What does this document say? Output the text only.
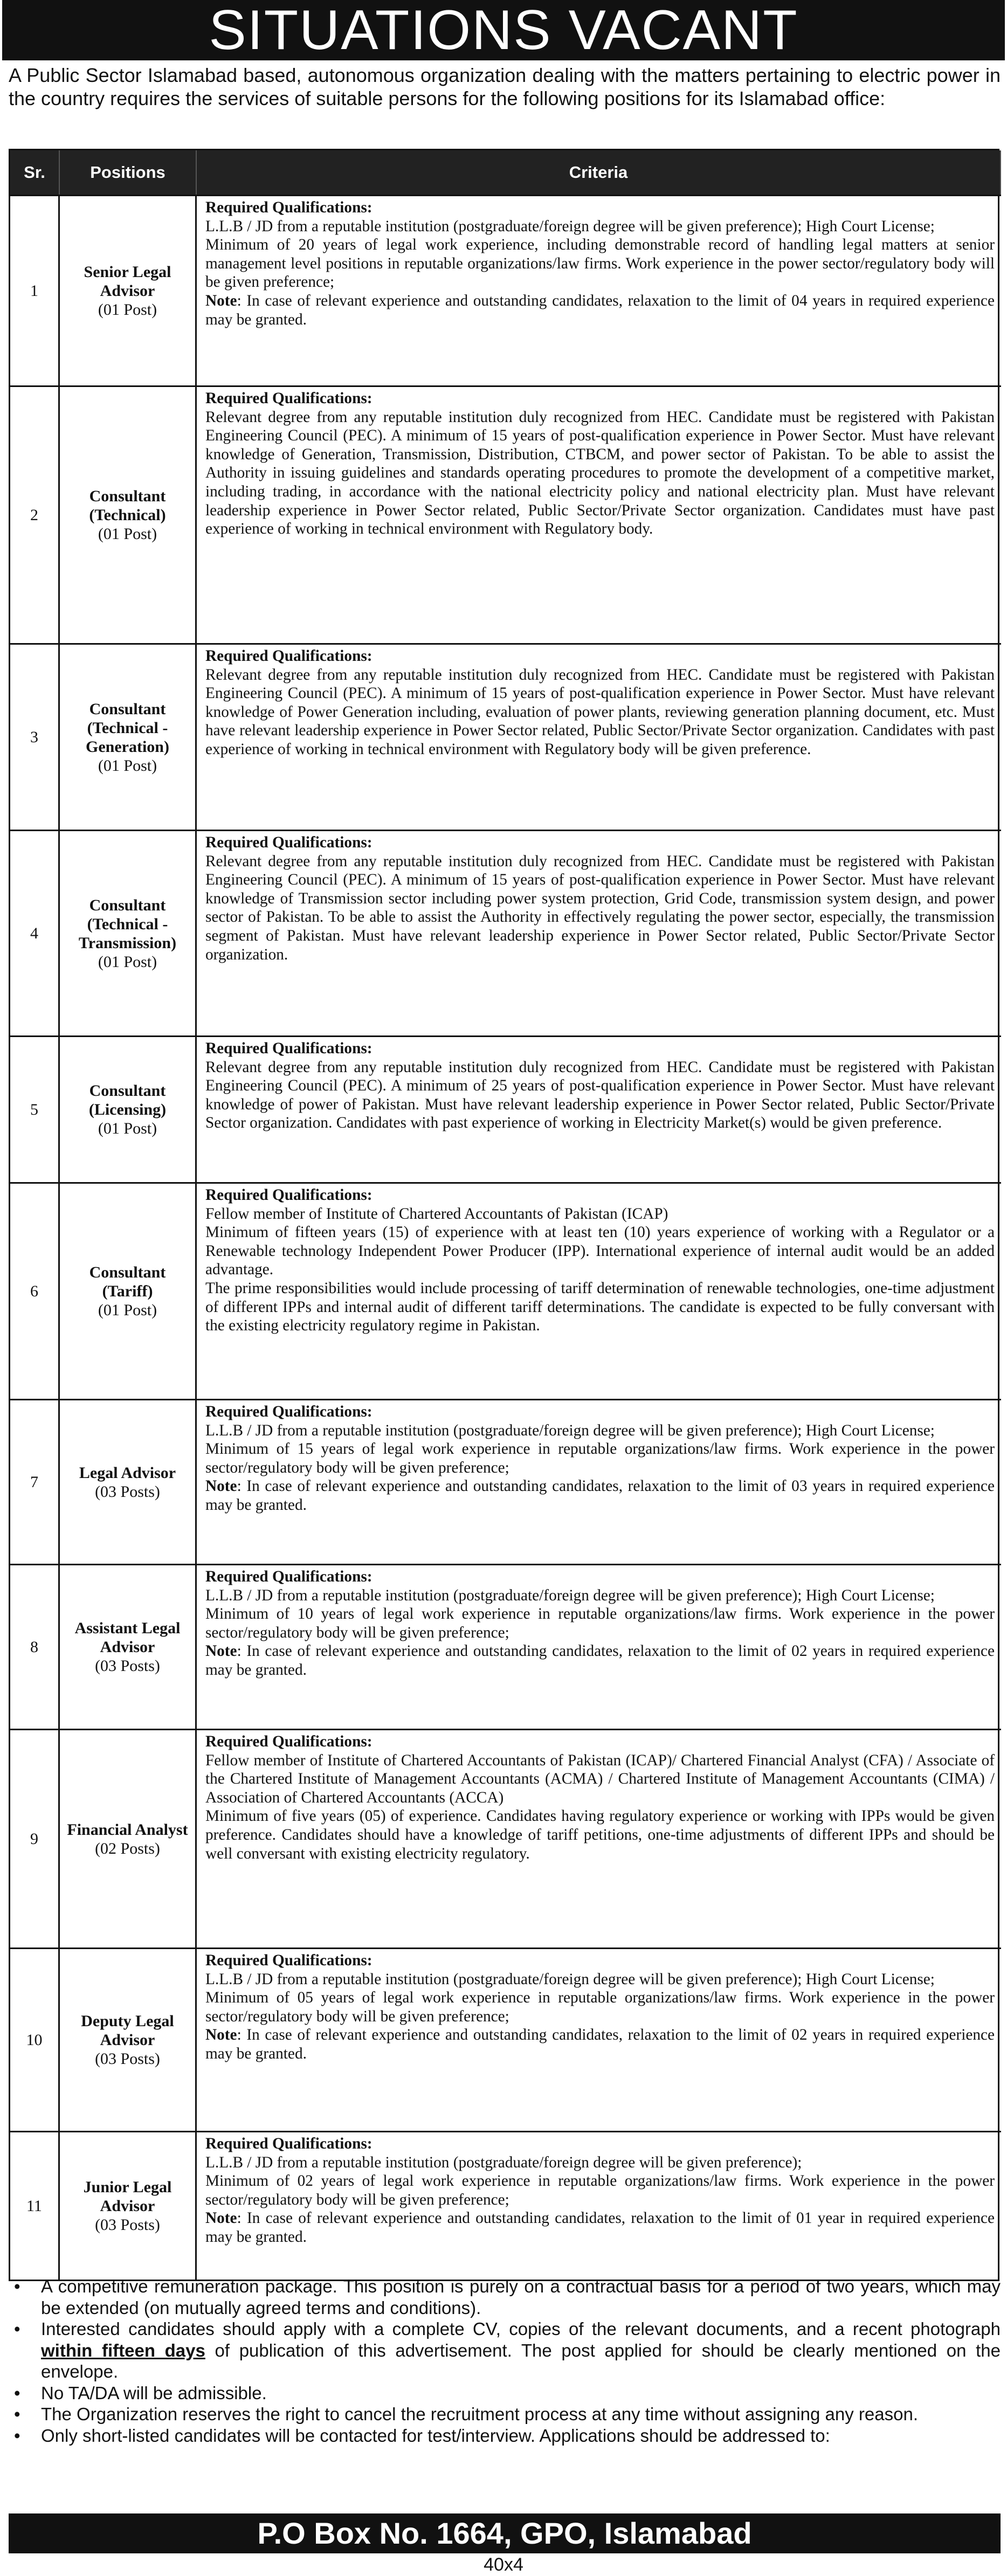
SITUATIONS VACANT

A Public Sector Islamabad based, autonomous organization dealing with the matters pertaining to electric power in the country requires the services of suitable persons for the following positions for its Islamabad office:

Sr.	Positions	Criteria
1
Senior Legal Advisor
(01 Post)
Required Qualifications:
L.L.B / JD from a reputable institution (postgraduate/foreign degree will be given preference); High Court License;
Minimum of 20 years of legal work experience, including demonstrable record of handling legal matters at senior management level positions in reputable organizations/law firms. Work experience in the power sector/regulatory body will be given preference;
Note: In case of relevant experience and outstanding candidates, relaxation to the limit of 04 years in required experience may be granted.
2
Consultant (Technical)
(01 Post)
Required Qualifications:
Relevant degree from any reputable institution duly recognized from HEC. Candidate must be registered with Pakistan Engineering Council (PEC). A minimum of 15 years of post-qualification experience in Power Sector. Must have relevant knowledge of Generation, Transmission, Distribution, CTBCM, and power sector of Pakistan. To be able to assist the Authority in issuing guidelines and standards operating procedures to promote the development of a competitive market, including trading, in accordance with the national electricity policy and national electricity plan. Must have relevant leadership experience in Power Sector related, Public Sector/Private Sector organization. Candidates must have past experience of working in technical environment with Regulatory body.
3
Consultant (Technical - Generation)
(01 Post)
Required Qualifications:
Relevant degree from any reputable institution duly recognized from HEC. Candidate must be registered with Pakistan Engineering Council (PEC). A minimum of 15 years of post-qualification experience in Power Sector. Must have relevant knowledge of Power Generation including, evaluation of power plants, reviewing generation planning document, etc. Must have relevant leadership experience in Power Sector related, Public Sector/Private Sector organization. Candidates with past experience of working in technical environment with Regulatory body will be given preference.
4
Consultant (Technical - Transmission)
(01 Post)
Required Qualifications:
Relevant degree from any reputable institution duly recognized from HEC. Candidate must be registered with Pakistan Engineering Council (PEC). A minimum of 15 years of post-qualification experience in Power Sector. Must have relevant knowledge of Transmission sector including power system protection, Grid Code, transmission system design, and power sector of Pakistan. To be able to assist the Authority in effectively regulating the power sector, especially, the transmission segment of Pakistan. Must have relevant leadership experience in Power Sector related, Public Sector/Private Sector organization.
5
Consultant (Licensing)
(01 Post)
Required Qualifications:
Relevant degree from any reputable institution duly recognized from HEC. Candidate must be registered with Pakistan Engineering Council (PEC). A minimum of 25 years of post-qualification experience in Power Sector. Must have relevant knowledge of power of Pakistan. Must have relevant leadership experience in Power Sector related, Public Sector/Private Sector organization. Candidates with past experience of working in Electricity Market(s) would be given preference.
6
Consultant (Tariff)
(01 Post)
Required Qualifications:
Fellow member of Institute of Chartered Accountants of Pakistan (ICAP)
Minimum of fifteen years (15) of experience with at least ten (10) years experience of working with a Regulator or a Renewable technology Independent Power Producer (IPP). International experience of internal audit would be an added advantage.
The prime responsibilities would include processing of tariff determination of renewable technologies, one-time adjustment of different IPPs and internal audit of different tariff determinations. The candidate is expected to be fully conversant with the existing electricity regulatory regime in Pakistan.
7
Legal Advisor
(03 Posts)
Required Qualifications:
L.L.B / JD from a reputable institution (postgraduate/foreign degree will be given preference); High Court License;
Minimum of 15 years of legal work experience in reputable organizations/law firms. Work experience in the power sector/regulatory body will be given preference;
Note: In case of relevant experience and outstanding candidates, relaxation to the limit of 03 years in required experience may be granted.
8
Assistant Legal Advisor
(03 Posts)
Required Qualifications:
L.L.B / JD from a reputable institution (postgraduate/foreign degree will be given preference); High Court License;
Minimum of 10 years of legal work experience in reputable organizations/law firms. Work experience in the power sector/regulatory body will be given preference;
Note: In case of relevant experience and outstanding candidates, relaxation to the limit of 02 years in required experience may be granted.
9
Financial Analyst
(02 Posts)
Required Qualifications:
Fellow member of Institute of Chartered Accountants of Pakistan (ICAP)/ Chartered Financial Analyst (CFA) / Associate of the Chartered Institute of Management Accountants (ACMA) / Chartered Institute of Management Accountants (CIMA) / Association of Chartered Accountants (ACCA)
Minimum of five years (05) of experience. Candidates having regulatory experience or working with IPPs would be given preference. Candidates should have a knowledge of tariff petitions, one-time adjustments of different IPPs and should be well conversant with existing electricity regulatory.
10
Deputy Legal Advisor
(03 Posts)
Required Qualifications:
L.L.B / JD from a reputable institution (postgraduate/foreign degree will be given preference); High Court License;
Minimum of 05 years of legal work experience in reputable organizations/law firms. Work experience in the power sector/regulatory body will be given preference;
Note: In case of relevant experience and outstanding candidates, relaxation to the limit of 02 years in required experience may be granted.
11
Junior Legal Advisor
(03 Posts)
Required Qualifications:
L.L.B / JD from a reputable institution (postgraduate/foreign degree will be given preference);
Minimum of 02 years of legal work experience in reputable organizations/law firms. Work experience in the power sector/regulatory body will be given preference;
Note: In case of relevant experience and outstanding candidates, relaxation to the limit of 01 year in required experience may be granted.
• A competitive remuneration package. This position is purely on a contractual basis for a period of two years, which may be extended (on mutually agreed terms and conditions).
• Interested candidates should apply with a complete CV, copies of the relevant documents, and a recent photograph within fifteen days of publication of this advertisement. The post applied for should be clearly mentioned on the envelope.
• No TA/DA will be admissible.
• The Organization reserves the right to cancel the recruitment process at any time without assigning any reason.
• Only short-listed candidates will be contacted for test/interview. Applications should be addressed to:
P.O Box No. 1664, GPO, Islamabad
40x4
